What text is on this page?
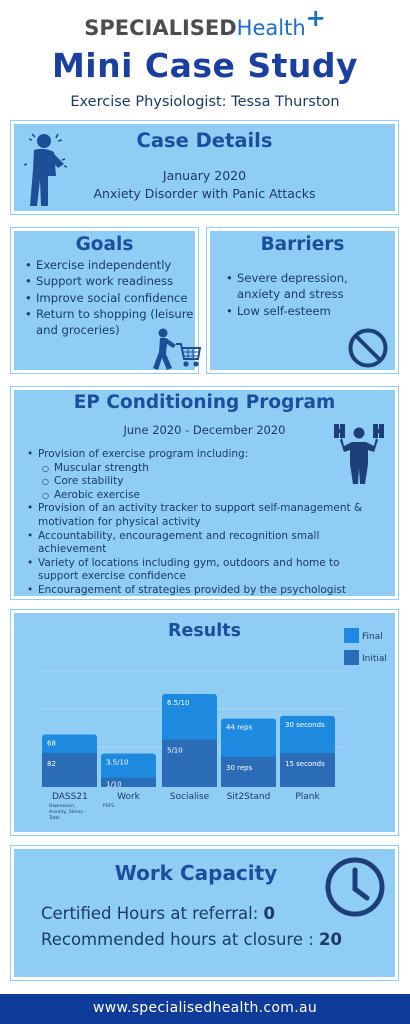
SPECIALISEDHealth+
Mini Case Study
Exercise Physiologist: Tessa Thurston
Case Details
January 2020
Anxiety Disorder with Panic Attacks
Goals
• Exercise independently
• Support work readiness
• Improve social confidence
• Return to shopping (leisure and groceries)
Barriers
• Severe depression, anxiety and stress
• Low self-esteem
EP Conditioning Program
June 2020 - December 2020
• Provision of exercise program including:
○ Muscular strength
○ Core stability
○ Aerobic exercise
• Provision of an activity tracker to support self-management & motivation for physical activity
• Accountability, encouragement and recognition small achievement
• Variety of locations including gym, outdoors and home to support exercise confidence
• Encouragement of strategies provided by the psychologist
Results	Final
Initial
68
82
DASS21
Depression, Anxiety, Stress -Total
3.5/10
1/10
Work
PSFS
6.5/10
5/10
Socialise
44 reps
30 reps
Sit2Stand
30 seconds
15 seconds
Plank
Work Capacity
Certified Hours at referral: 0
Recommended hours at closure : 20
www.specialisedhealth.com.au
